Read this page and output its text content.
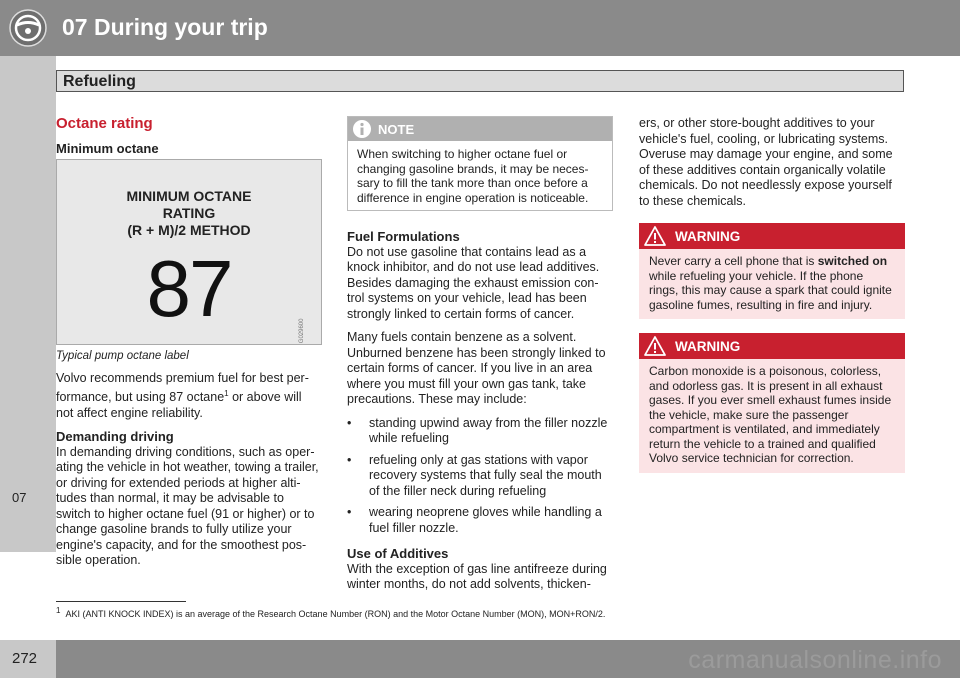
07 During your trip
07
Refueling
Octane rating
Minimum octane
MINIMUM OCTANE
RATING
(R + M)/2 METHOD
87	G029600
Typical pump octane label

Volvo recommends premium fuel for best per-formance, but using 87 octane$^1$ or above will not affect engine reliability.

Demanding driving

In demanding driving conditions, such as oper-ating the vehicle in hot weather, towing a trailer, or driving for extended periods at higher alti-tudes than normal, it may be advisable to switch to higher octane fuel (91 or higher) or to change gasoline brands to fully utilize your engine's capacity, and for the smoothest pos-sible operation.

NOTE
When switching to higher octane fuel or changing gasoline brands, it may be neces-sary to fill the tank more than once before a difference in engine operation is noticeable.
Fuel Formulations

Do not use gasoline that contains lead as a knock inhibitor, and do not use lead additives. Besides damaging the exhaust emission con-trol systems on your vehicle, lead has been strongly linked to certain forms of cancer.

Many fuels contain benzene as a solvent. Unburned benzene has been strongly linked to certain forms of cancer. If you live in an area where you must fill your own gas tank, take precautions. These may include:

• standing upwind away from the filler nozzle while refueling
• refueling only at gas stations with vapor recovery systems that fully seal the mouth of the filler neck during refueling
• wearing neoprene gloves while handling a fuel filler nozzle.
Use of Additives

With the exception of gas line antifreeze during winter months, do not add solvents, thicken-

ers, or other store-bought additives to your vehicle's fuel, cooling, or lubricating systems. Overuse may damage your engine, and some of these additives contain organically volatile chemicals. Do not needlessly expose yourself to these chemicals.

WARNING
Never carry a cell phone that is switched on while refueling your vehicle. If the phone rings, this may cause a spark that could ignite gasoline fumes, resulting in fire and injury.
WARNING
Carbon monoxide is a poisonous, colorless, and odorless gas. It is present in all exhaust gases. If you ever smell exhaust fumes inside the vehicle, make sure the passenger compartment is ventilated, and immediately return the vehicle to a trained and qualified Volvo service technician for correction.
$^1$ AKI (ANTI KNOCK INDEX) is an average of the Research Octane Number (RON) and the Motor Octane Number (MON), MON+RON/2.
272	carmanualsonline.info
